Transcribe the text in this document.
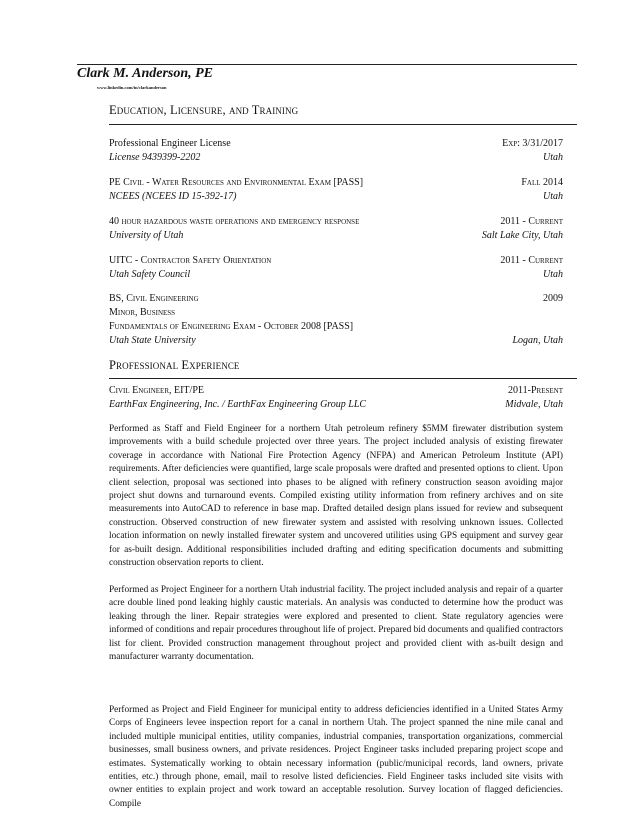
Clark M. Anderson, PE
www.linkedin.com/in/clarkanderson
Education, Licensure, and Training
Professional Engineer License	Exp: 3/31/2017
License 9439399-2202	Utah
PE Civil - Water Resources and Environmental Exam [PASS]	Fall 2014
NCEES (NCEES ID 15-392-17)	Utah
40 hour hazardous waste operations and emergency response	2011 - Current
University of Utah	Salt Lake City, Utah
UITC - Contractor Safety Orientation	2011 - Current
Utah Safety Council	Utah
BS, Civil Engineering	2009
Minor, Business
Fundamentals of Engineering Exam - October 2008 [PASS]
Utah State University	Logan, Utah
Professional Experience
Civil Engineer, EIT/PE	2011-Present
EarthFax Engineering, Inc. / EarthFax Engineering Group LLC	Midvale, Utah

Performed as Staff and Field Engineer for a northern Utah petroleum refinery $5MM firewater distribution system improvements with a build schedule projected over three years. The project included analysis of existing firewater coverage in accordance with National Fire Protection Agency (NFPA) and American Petroleum Institute (API) requirements. After deficiencies were quantified, large scale proposals were drafted and presented options to client. Upon client selection, proposal was sectioned into phases to be aligned with refinery construction season avoiding major project shut downs and turnaround events. Compiled existing utility information from refinery archives and on site measurements into AutoCAD to reference in base map. Drafted detailed design plans issued for review and subsequent construction. Observed construction of new firewater system and assisted with resolving unknown issues. Collected location information on newly installed firewater system and uncovered utilities using GPS equipment and survey gear for as-built design. Additional responsibilities included drafting and editing specification documents and submitting construction observation reports to client.

Performed as Project Engineer for a northern Utah industrial facility. The project included analysis and repair of a quarter acre double lined pond leaking highly caustic materials. An analysis was conducted to determine how the product was leaking through the liner. Repair strategies were explored and presented to client. State regulatory agencies were informed of conditions and repair procedures throughout life of project. Prepared bid documents and qualified contractors list for client. Provided construction management throughout project and provided client with as-built design and manufacturer warranty documentation.

Performed as Project and Field Engineer for municipal entity to address deficiencies identified in a United States Army Corps of Engineers levee inspection report for a canal in northern Utah. The project spanned the nine mile canal and included multiple municipal entities, utility companies, industrial companies, transportation organizations, commercial businesses, small business owners, and private residences. Project Engineer tasks included preparing project scope and estimates. Systematically working to obtain necessary information (public/municipal records, land owners, private entities, etc.) through phone, email, mail to resolve listed deficiencies. Field Engineer tasks included site visits with owner entities to explain project and work toward an acceptable resolution. Survey location of flagged deficiencies. Compile
